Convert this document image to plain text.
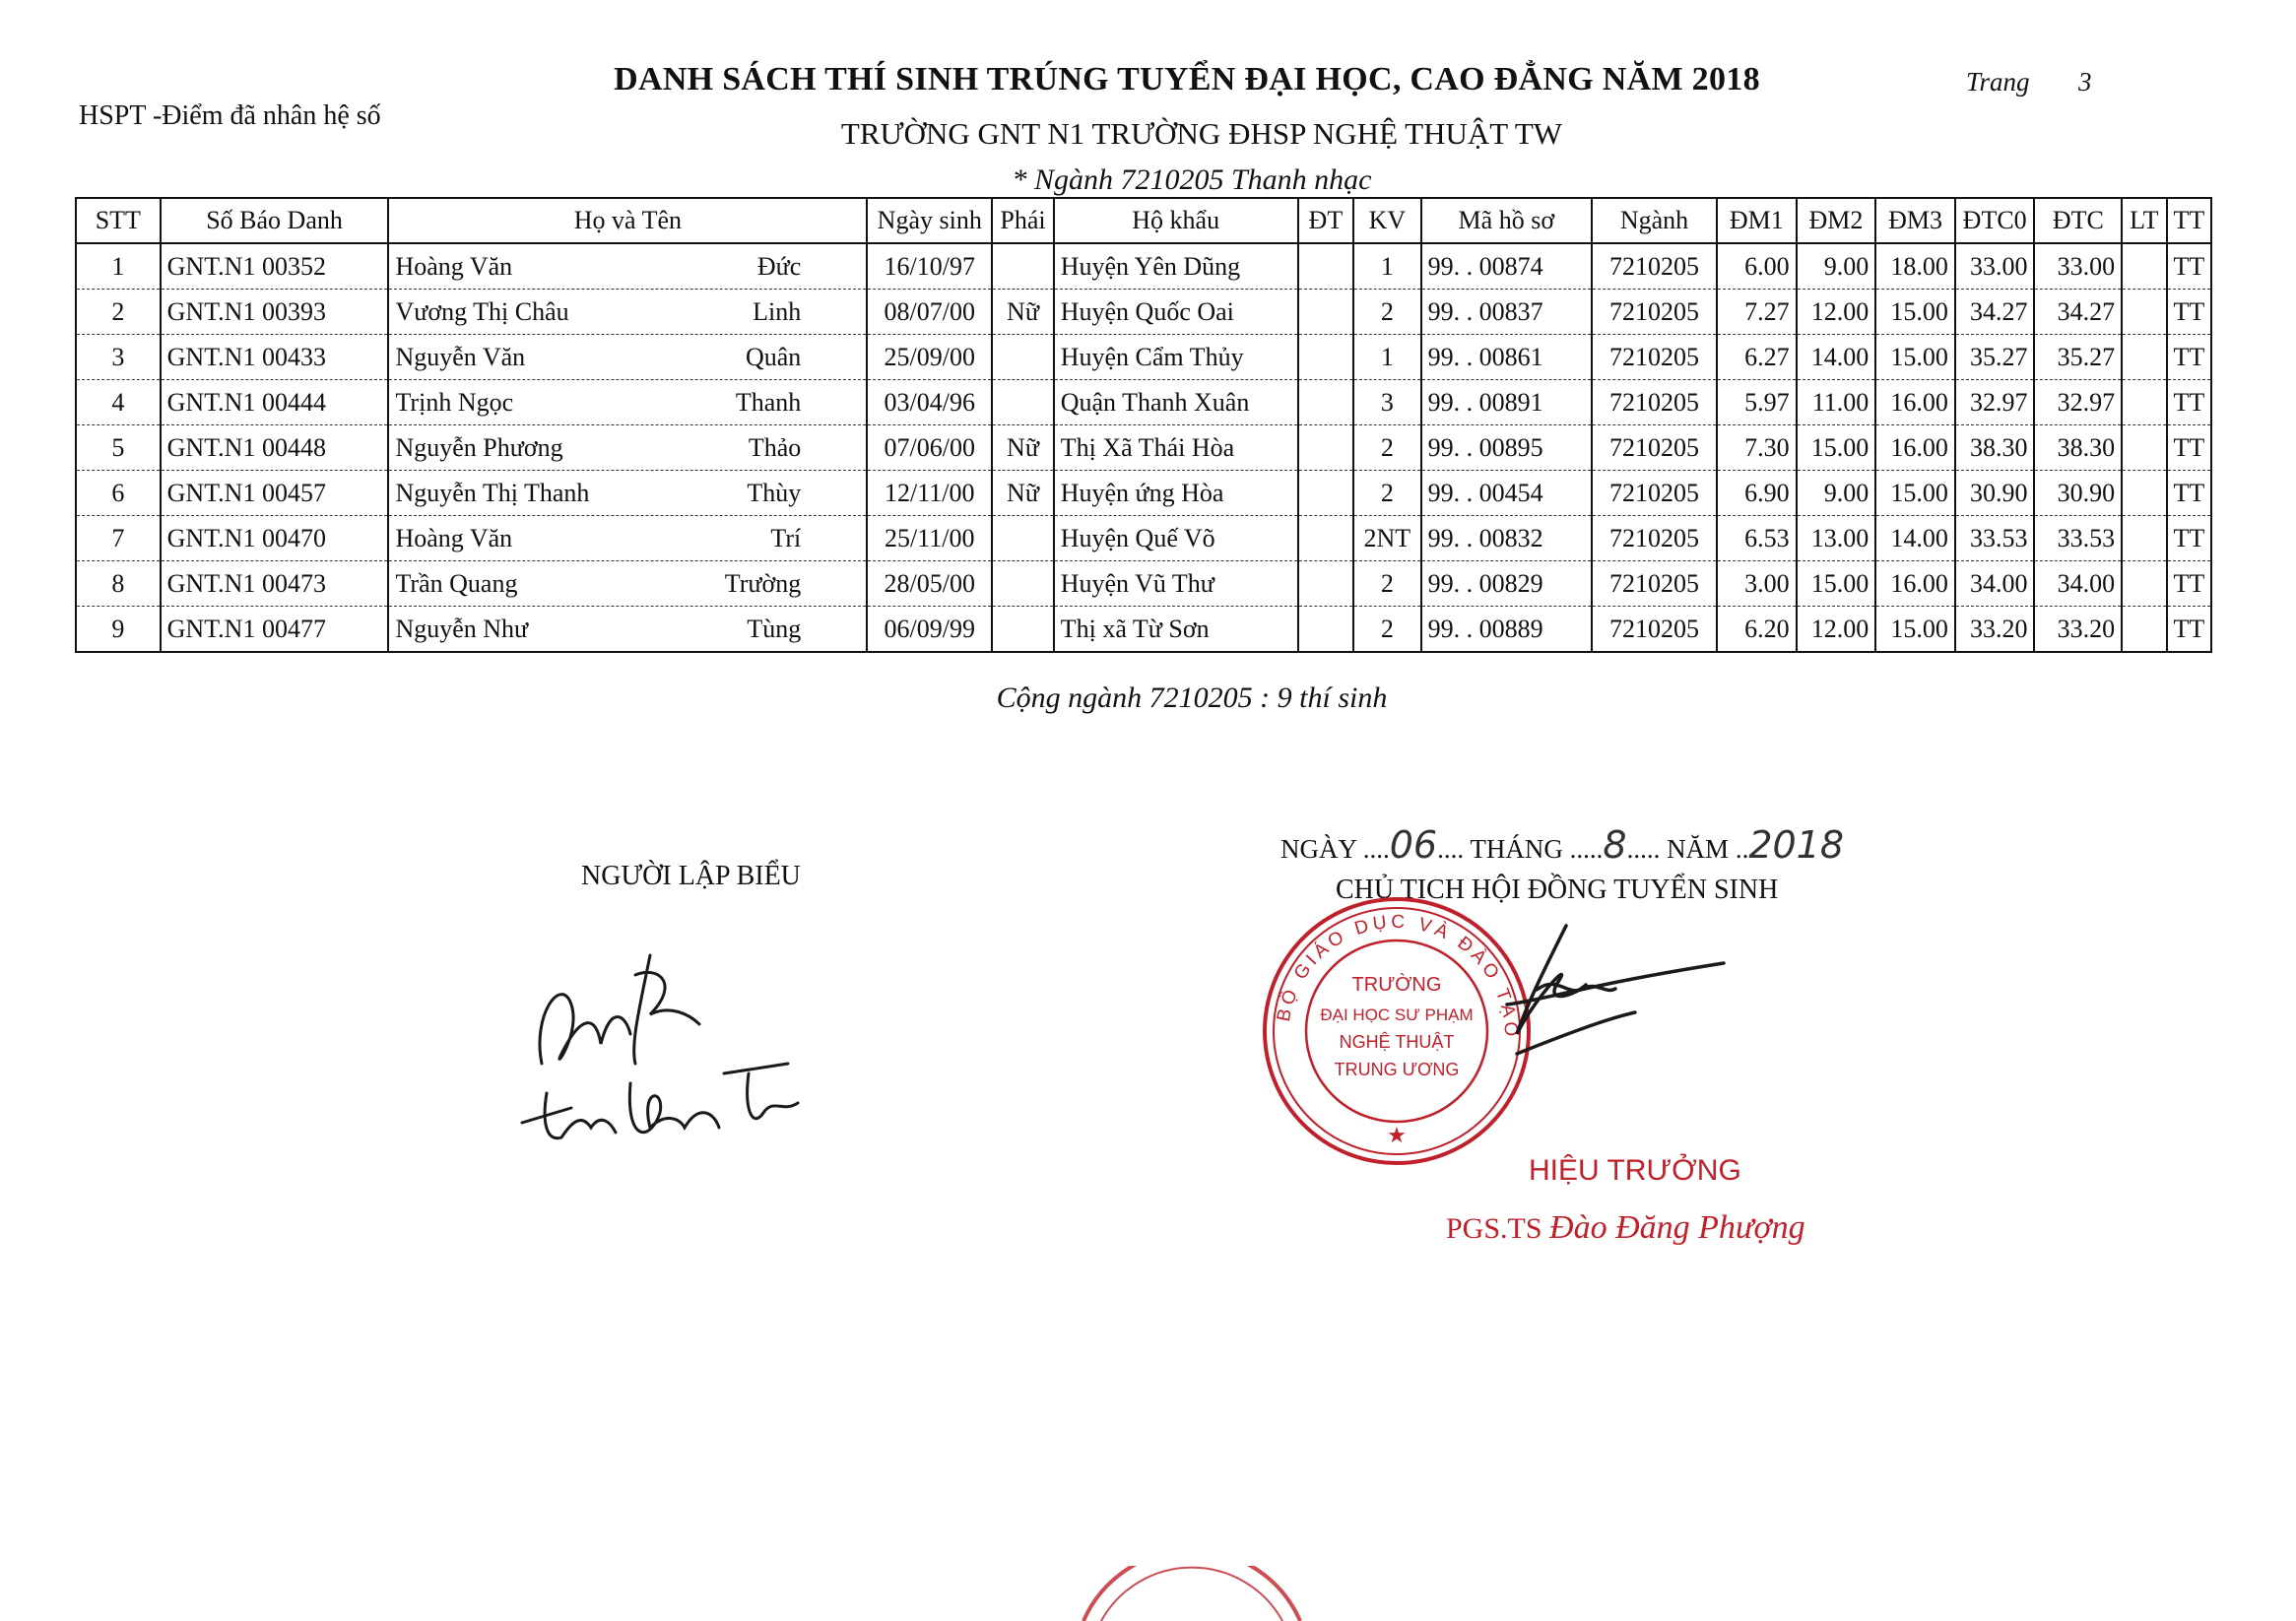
DANH SÁCH THÍ SINH TRÚNG TUYỂN ĐẠI HỌC, CAO ĐẲNG NĂM 2018	Trang 3
HSPT -Điểm đã nhân hệ số
TRƯỜNG GNT N1 TRƯỜNG ĐHSP NGHỆ THUẬT TW
* Ngành 7210205 Thanh nhạc
STT	Số Báo Danh	Họ và Tên	Ngày sinh	Phái	Hộ khẩu	ĐT	KV	Mã hồ sơ	Ngành	ĐM1	ĐM2	ĐM3	ĐTC0	ĐTC	LT	TT
1	GNT.N1 00352	Hoàng Văn Đức	16/10/97		Huyện Yên Dũng		1	99. . 00874	7210205	6.00	9.00	18.00	33.00	33.00		TT
2	GNT.N1 00393	Vương Thị Châu Linh	08/07/00	Nữ	Huyện Quốc Oai		2	99. . 00837	7210205	7.27	12.00	15.00	34.27	34.27		TT
3	GNT.N1 00433	Nguyễn Văn Quân	25/09/00		Huyện Cẩm Thủy		1	99. . 00861	7210205	6.27	14.00	15.00	35.27	35.27		TT
4	GNT.N1 00444	Trịnh Ngọc Thanh	03/04/96		Quận Thanh Xuân		3	99. . 00891	7210205	5.97	11.00	16.00	32.97	32.97		TT
5	GNT.N1 00448	Nguyễn Phương Thảo	07/06/00	Nữ	Thị Xã Thái Hòa		2	99. . 00895	7210205	7.30	15.00	16.00	38.30	38.30		TT
6	GNT.N1 00457	Nguyễn Thị Thanh Thùy	12/11/00	Nữ	Huyện ứng Hòa		2	99. . 00454	7210205	6.90	9.00	15.00	30.90	30.90		TT
7	GNT.N1 00470	Hoàng Văn Trí	25/11/00		Huyện Quế Võ		2NT	99. . 00832	7210205	6.53	13.00	14.00	33.53	33.53		TT
8	GNT.N1 00473	Trần Quang Trường	28/05/00		Huyện Vũ Thư		2	99. . 00829	7210205	3.00	15.00	16.00	34.00	34.00		TT
9	GNT.N1 00477	Nguyễn Như Tùng	06/09/99		Thị xã Từ Sơn		2	99. . 00889	7210205	6.20	12.00	15.00	33.20	33.20		TT
Cộng ngành 7210205 : 9 thí sinh
NGÀY ....06.... THÁNG .....8..... NĂM ..2018
NGƯỜI LẬP BIỂU	CHỦ TỊCH HỘI ĐỒNG TUYỂN SINH
BỘ GIÁO DỤC VÀ ĐÀO TẠO
TRƯỜNG
ĐẠI HỌC SƯ PHẠM
NGHỆ THUẬT
TRUNG ƯƠNG
★
HIỆU TRƯỞNG
PGS.TS Đào Đăng Phượng
